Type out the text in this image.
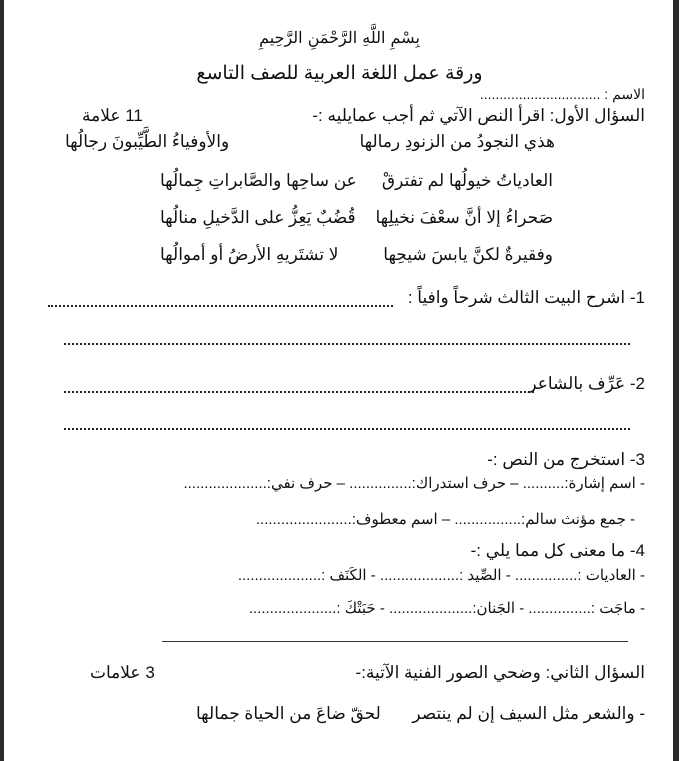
بِسْمِ اللَّهِ الرَّحْمَنِ الرَّحِيمِ
ورقة عمل اللغة العربية للصف التاسع
الاسم : ...............................
السؤال الأول: اقرأ النص الآتي ثم أجب عمايليه :-
11 علامة
هذي النجودُ من الزنودِ رمالها
والأوفياءُ الطَّيِّبونَ رجالُها
العادياتُ خيولُها لم تفترقْ
عن ساحِها والصَّابراتِ جِمالُها
صَحراءُ إلا أنَّ سعْفَ نخيلِها
قُضُبٌ يَعِزُّ على الدَّخيلِ منالُها
وفقيرةٌ لكنَّ يابسَ شيحِها
لا تشتَريهِ الأرضُ أو أموالُها
1- اشرح البيت الثالث شرحاً وافياً :
2- عَرِّف بالشاعر
3- استخرج من النص :-
- اسم إشارة:.......... – حرف استدراك:............... – حرف نفي:....................
- جمع مؤنث سالم:................ – اسم معطوف:.......................
4- ما معنى كل مما يلي :-
- العاديات :............... - الصِّيد :................... - الكَنَف :....................
- ماجَت :............... - الجَنان:.................... - حَبَتْكَ :.....................
السؤال الثاني: وضحي الصور الفنية الآتية:-
3 علامات
- والشعر مثل السيف إن لم ينتصر
لحقّ ضاعَ من الحياة جمالها
